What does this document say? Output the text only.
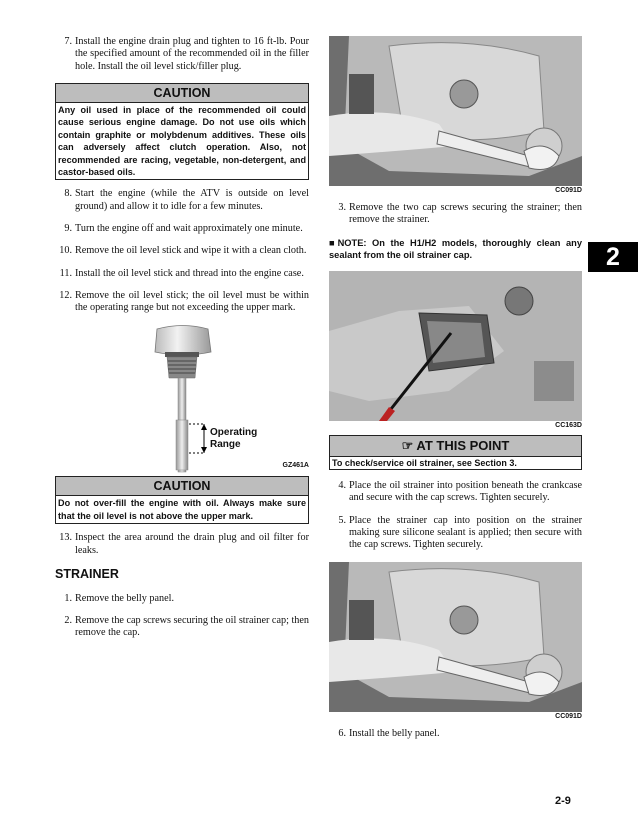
2
2-9
7. Install the engine drain plug and tighten to 16 ft-lb. Pour the specified amount of the recommended oil in the filler hole. Install the oil level stick/filler plug.
CAUTION
Any oil used in place of the recommended oil could cause serious engine damage. Do not use oils which contain graphite or molybdenum additives. These oils can adversely affect clutch operation. Also, not recommended are racing, vegetable, non-detergent, and castor-based oils.
8. Start the engine (while the ATV is outside on level ground) and allow it to idle for a few minutes.
9. Turn the engine off and wait approximately one minute.
10. Remove the oil level stick and wipe it with a clean cloth.
11. Install the oil level stick and thread into the engine case.
12. Remove the oil level stick; the oil level must be within the operating range but not exceeding the upper mark.
Operating
Range
GZ461A
CAUTION
Do not over-fill the engine with oil. Always make sure that the oil level is not above the upper mark.
13. Inspect the area around the drain plug and oil filter for leaks.
STRAINER
1. Remove the belly panel.
2. Remove the cap screws securing the oil strainer cap; then remove the cap.
CC091D
3. Remove the two cap screws securing the strainer; then remove the strainer.
■NOTE: On the H1/H2 models, thoroughly clean any sealant from the oil strainer cap.
CC163D
☞ AT THIS POINT
To check/service oil strainer, see Section 3.
4. Place the oil strainer into position beneath the crankcase and secure with the cap screws. Tighten securely.
5. Place the strainer cap into position on the strainer making sure silicone sealant is applied; then secure with the cap screws. Tighten securely.
CC091D
6. Install the belly panel.
